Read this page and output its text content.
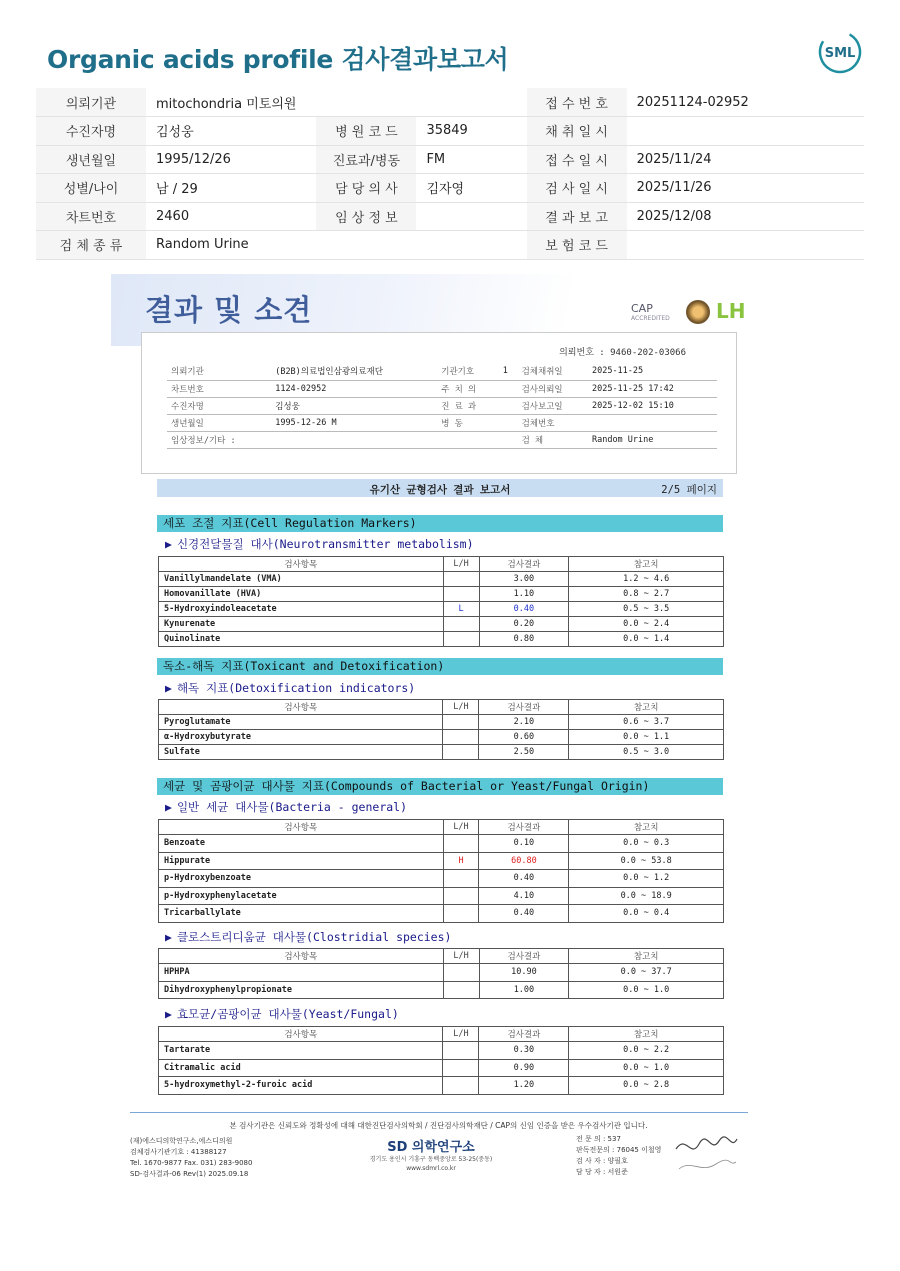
Organic acids profile 검사결과보고서	SML
의뢰기관	mitochondria 미토의원			접 수 번 호	20251124-02952
수진자명	김성웅	병 원 코 드	35849	채 취 일 시	
생년월일	1995/12/26	진료과/병동	FM	접 수 일 시	2025/11/24
성별/나이	남 / 29	담 당 의 사	김자영	검 사 일 시	2025/11/26
차트번호	2460	임 상 정 보		결 과 보 고	2025/12/08
검 체 종 류	Random Urine			보 험 코 드	
결과 및 소견	CAP
ACCREDITED LH
의뢰번호 : 9460-202-03066
의뢰기관	(B2B)의료법인삼광의료재단	기관기호	1	검체채취일	2025-11-25
차트번호	1124-02952	주 치 의		검사의뢰일	2025-11-25 17:42
수진자명	김성웅	진 료 과		검사보고일	2025-12-02 15:10
생년월일	1995-12-26 M	병 동		검체번호	
임상정보/기타 :				검 체	Random Urine
유기산 균형검사 결과 보고서	2/5 페이지
세포 조절 지표(Cell Regulation Markers)
▶ 신경전달물질 대사(Neurotransmitter metabolism)
검사항목	L/H	검사결과	참고치
Vanillylmandelate (VMA)		3.00	1.2 ~ 4.6
Homovanillate (HVA)		1.10	0.8 ~ 2.7
5-Hydroxyindoleacetate	L	0.40	0.5 ~ 3.5
Kynurenate		0.20	0.0 ~ 2.4
Quinolinate		0.80	0.0 ~ 1.4
독소-해독 지표(Toxicant and Detoxification)
▶ 해독 지표(Detoxification indicators)
검사항목	L/H	검사결과	참고치
Pyroglutamate		2.10	0.6 ~ 3.7
α-Hydroxybutyrate		0.60	0.0 ~ 1.1
Sulfate		2.50	0.5 ~ 3.0
세균 및 곰팡이균 대사물 지표(Compounds of Bacterial or Yeast/Fungal Origin)
▶ 일반 세균 대사물(Bacteria - general)
검사항목	L/H	검사결과	참고치
Benzoate		0.10	0.0 ~ 0.3
Hippurate	H	60.80	0.0 ~ 53.8
p-Hydroxybenzoate		0.40	0.0 ~ 1.2
p-Hydroxyphenylacetate		4.10	0.0 ~ 18.9
Tricarballylate		0.40	0.0 ~ 0.4
▶ 클로스트리디움균 대사물(Clostridial species)
검사항목	L/H	검사결과	참고치
HPHPA		10.90	0.0 ~ 37.7
Dihydroxyphenylpropionate		1.00	0.0 ~ 1.0
▶ 효모균/곰팡이균 대사물(Yeast/Fungal)
검사항목	L/H	검사결과	참고치
Tartarate		0.30	0.0 ~ 2.2
Citramalic acid		0.90	0.0 ~ 1.0
5-hydroxymethyl-2-furoic acid		1.20	0.0 ~ 2.8
본 검사기관은 신뢰도와 정확성에 대해 대한진단검사의학회 / 진단검사의학재단 / CAP의 신임 인증을 받은 우수검사기관 입니다.
(재)에스디의학연구소,에스디의원
검체검사기관기호 : 41388127
Tel. 1670-9877 Fax. 031) 283-9080
SD-검사결과-06 Rev(1) 2025.09.18
SD 의학연구소
경기도 용인시 기흥구 동백중앙로 53-25(중동)
www.sdmrl.co.kr
전 문 의 : 537
판독전문의 : 76045 이철영
검 사 자 : 양필호
담 당 자 : 서원준
